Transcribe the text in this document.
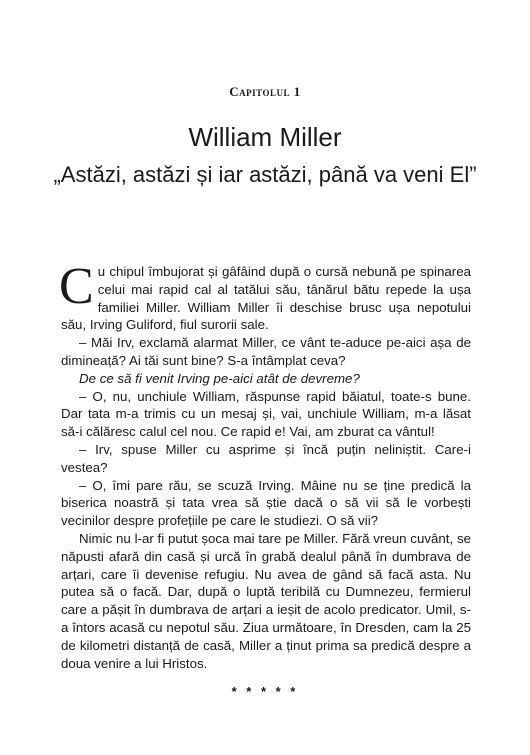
Capitolul 1
William Miller
„Astăzi, astăzi și iar astăzi, până va veni El”

Cu chipul îmbujorat și gâfâind după o cursă nebună pe spinarea celui mai rapid cal al tatălui său, tânărul bătu repede la ușa familiei Miller. William Miller îi deschise brusc ușa nepotului său, Irving Guliford, fiul surorii sale.

– Măi Irv, exclamă alarmat Miller, ce vânt te-aduce pe-aici așa de dimineață? Ai tăi sunt bine? S-a întâmplat ceva?

De ce să fi venit Irving pe-aici atât de devreme?

– O, nu, unchiule William, răspunse rapid băiatul, toate-s bune. Dar tata m-a trimis cu un mesaj și, vai, unchiule William, m-a lăsat să-i călăresc calul cel nou. Ce rapid e! Vai, am zburat ca vântul!

– Irv, spuse Miller cu asprime și încă puțin neliniștit. Care-i vestea?

– O, îmi pare rău, se scuză Irving. Mâine nu se ține predică la biserica noastră și tata vrea să știe dacă o să vii să le vorbești vecinilor despre profețiile pe care le studiezi. O să vii?

Nimic nu l-ar fi putut șoca mai tare pe Miller. Fără vreun cuvânt, se năpusti afară din casă și urcă în grabă dealul până în dumbrava de arțari, care îi devenise refugiu. Nu avea de gând să facă asta. Nu putea să o facă. Dar, după o luptă teribilă cu Dumnezeu, fermierul care a pășit în dumbrava de arțari a ieșit de acolo predicator. Umil, s-a întors acasă cu nepotul său. Ziua următoare, în Dresden, cam la 25 de kilometri distanță de casă, Miller a ținut prima sa predică despre a doua venire a lui Hristos.

* * * * *
